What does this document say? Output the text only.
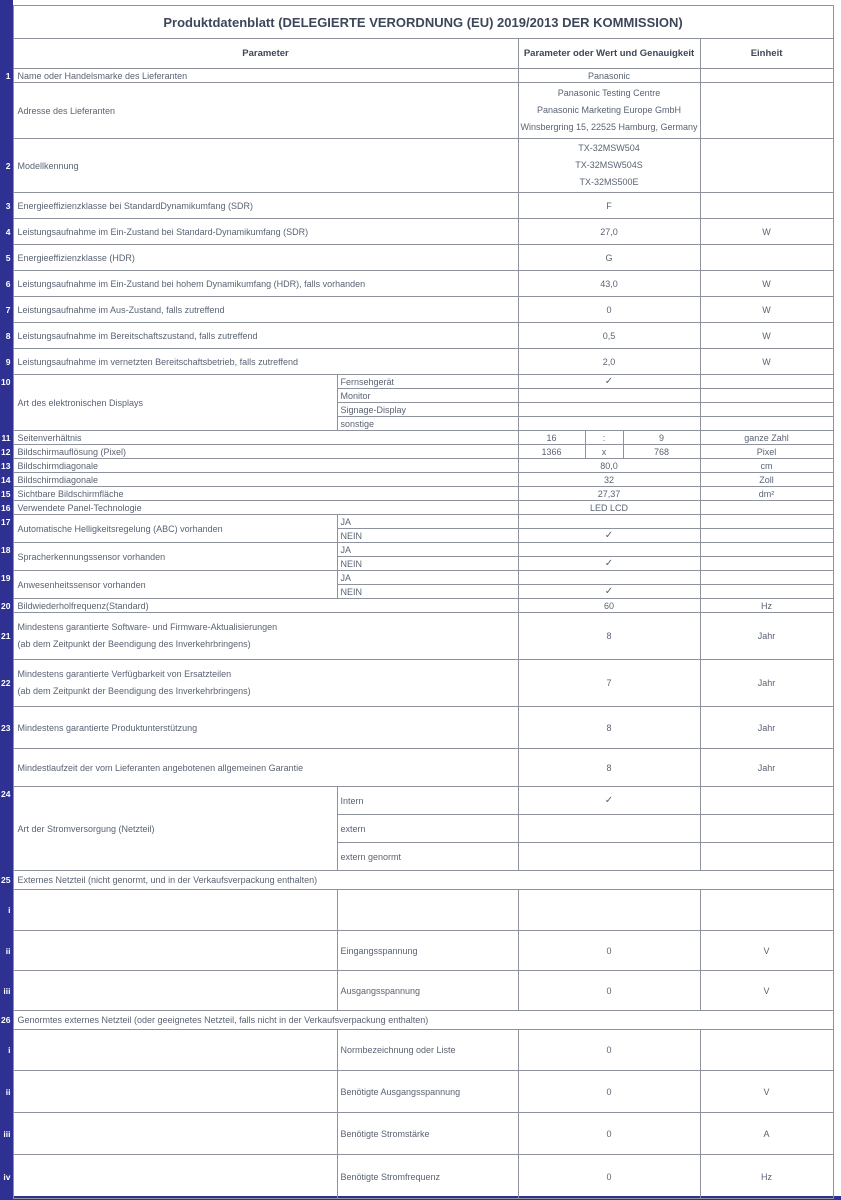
	Produktdatenblatt (DELEGIERTE VERORDNUNG (EU) 2019/2013 DER KOMMISSION)					
	Parameter		Parameter oder Wert und Genauigkeit			Einheit
1	Name oder Handelsmarke des Lieferanten		Panasonic			
	Adresse des Lieferanten		Panasonic Testing Centre
Panasonic Marketing Europe GmbH
Winsbergring 15, 22525 Hamburg, Germany			

2	Modellkennung		TX-32MSW504
TX-32MSW504S
TX-32MS500E			

3	Energieeffizienzklasse bei StandardDynamikumfang (SDR)		F			
4	Leistungsaufnahme im Ein-Zustand bei Standard-Dynamikumfang (SDR)		27,0			W
5	Energieeffizienzklasse (HDR)		G			
6	Leistungsaufnahme im Ein-Zustand bei hohem Dynamikumfang (HDR), falls vorhanden		43,0			W
7	Leistungsaufnahme im Aus-Zustand, falls zutreffend		0			W
8	Leistungsaufnahme im Bereitschaftszustand, falls zutreffend		0,5			W
9	Leistungsaufnahme im vernetzten Bereitschaftsbetrieb, falls zutreffend		2,0			W
10	Art des elektronischen Displays	Fernsehgerät	✓			
		Monitor				
		Signage-Display				
		sonstige				
11	Seitenverhältnis		16	:	9	ganze Zahl
12	Bildschirmauflösung (Pixel)		1366	x	768	Pixel
13	Bildschirmdiagonale		80,0			cm
14	Bildschirmdiagonale		32			Zoll
15	Sichtbare Bildschirmfläche		27,37			dm²
16	Verwendete Panel-Technologie		LED LCD			
17	Automatische Helligkeitsregelung (ABC) vorhanden	JA				
		NEIN	✓			
18	Spracherkennungssensor vorhanden	JA				
		NEIN	✓			
19	Anwesenheitssensor vorhanden	JA				
		NEIN	✓			
20	Bildwiederholfrequenz(Standard)		60			Hz
21	Mindestens garantierte Software- und Firmware-Aktualisierungen
(ab dem Zeitpunkt der Beendigung des Inverkehrbringens)		8			Jahr
22	Mindestens garantierte Verfügbarkeit von Ersatzteilen
(ab dem Zeitpunkt der Beendigung des Inverkehrbringens)		7			Jahr
23	Mindestens garantierte Produktunterstützung		8			Jahr
	Mindestlaufzeit der vom Lieferanten angebotenen allgemeinen Garantie		8			Jahr
24	Art der Stromversorgung (Netzteil)	Intern	✓			
		extern				
		extern genormt				
25	Externes Netzteil (nicht genormt, und in der Verkaufsverpackung enthalten)					
i						
ii		Eingangsspannung	0			V
iii		Ausgangsspannung	0			V
26	Genormtes externes Netzteil (oder geeignetes Netzteil, falls nicht in der Verkaufsverpackung enthalten)					
i		Normbezeichnung oder Liste	0			
ii		Benötigte Ausgangsspannung	0			V
iii		Benötigte Stromstärke	0			A
iv		Benötigte Stromfrequenz	0			Hz
